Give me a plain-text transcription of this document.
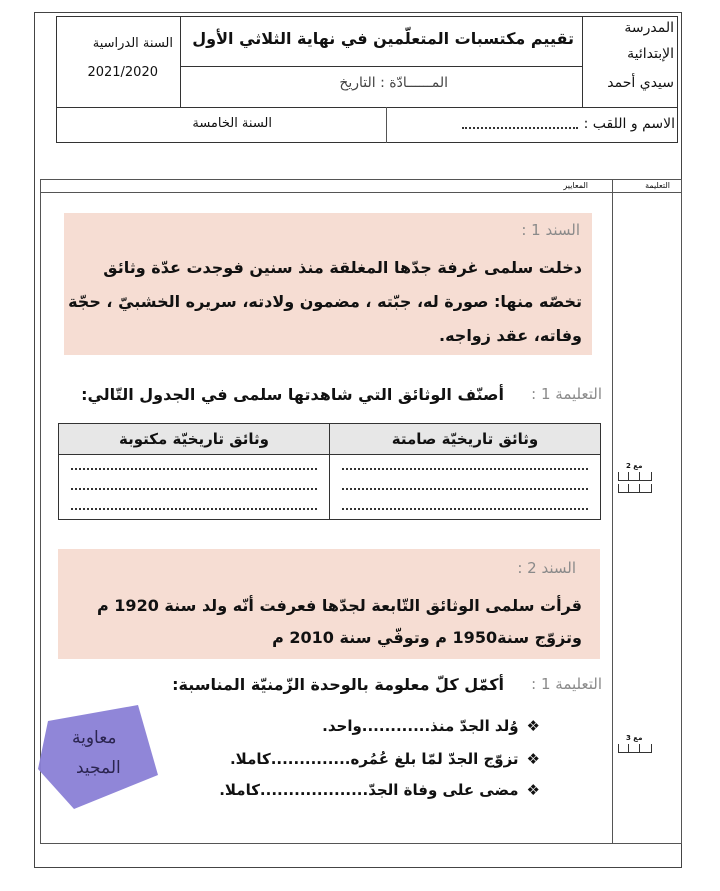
المدرسة
الإبتدائية
سيدي أحمد
تقييم مكتسبات المتعلّمين في نهاية الثلاثي الأول
المــــــادّة : التاريخ
السنة الدراسية
2021/2020
الاسم و اللقب :
السنة الخامسة
التعليمة
المعايير
السند 1 :
دخلت سلمى غرفة جدّها المغلقة منذ سنين فوجدت عدّة وثائق
تخصّه منها: صورة له، جبّته ، مضمون ولادته، سريره الخشبيّ ، حجّة
وفاته، عقد زواجه.
التعليمة 1 :
أصنّف الوثائق التي شاهدتها سلمى في الجدول التّالي:
وثائق تاريخيّة صامتة	وثائق تاريخيّة مكتوبة

مع 2
السند 2 :
قرأت سلمى الوثائق التّابعة لجدّها فعرفت أنّه ولد سنة 1920 م
وتزوّج سنة1950 م وتوفّي سنة 2010 م
التعليمة 1 :
أكمّل كلّ معلومة بالوحدة الزّمنيّة المناسبة:
❖وُلد الجدّ منذ............واحد.
❖تزوّج الجدّ لمّا بلغ عُمُره..............كاملا.
❖مضى على وفاة الجدّ...................كاملا.
مع 3
معاوية
المجيد
